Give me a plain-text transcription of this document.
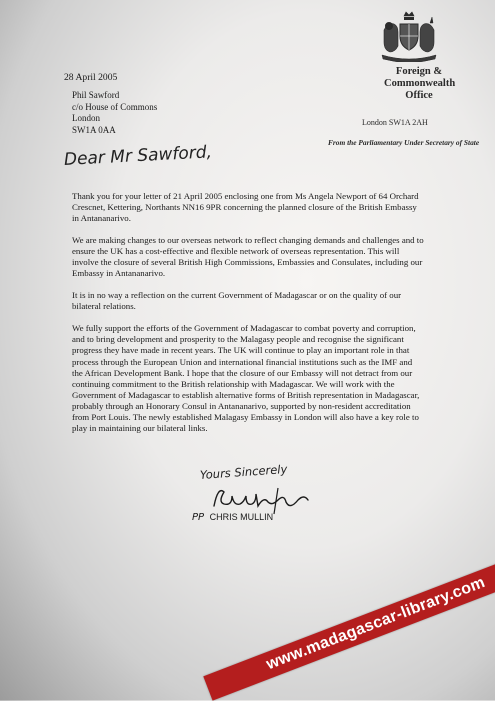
Foreign &
Commonwealth
Office
London SW1A 2AH
From the Parliamentary Under Secretary of State
28 April 2005
Phil Sawford
c/o House of Commons
London
SW1A 0AA
Dear Mr Sawford,

Thank you for your letter of 21 April 2005 enclosing one from Ms Angela Newport of 64 Orchard Crescnet, Kettering, Northants NN16 9PR concerning the planned closure of the British Embassy in Antananarivo.

We are making changes to our overseas network to reflect changing demands and challenges and to ensure the UK has a cost-effective and flexible network of overseas representation. This will involve the closure of several British High Commissions, Embassies and Consulates, including our Embassy in Antananarivo.

It is in no way a reflection on the current Government of Madagascar or on the quality of our bilateral relations.

We fully support the efforts of the Government of Madagascar to combat poverty and corruption, and to bring development and prosperity to the Malagasy people and recognise the significant progress they have made in recent years. The UK will continue to play an important role in that process through the European Union and international financial institutions such as the IMF and the African Development Bank. I hope that the closure of our Embassy will not detract from our continuing commitment to the British relationship with Madagascar. We will work with the Government of Madagascar to establish alternative forms of British representation in Madagascar, probably through an Honorary Consul in Antananarivo, supported by non-resident accreditation from Port Louis. The newly established Malagasy Embassy in London will also have a key role to play in maintaining our bilateral links.

Yours Sincerely
PP CHRIS MULLIN
www.madagascar-library.com
